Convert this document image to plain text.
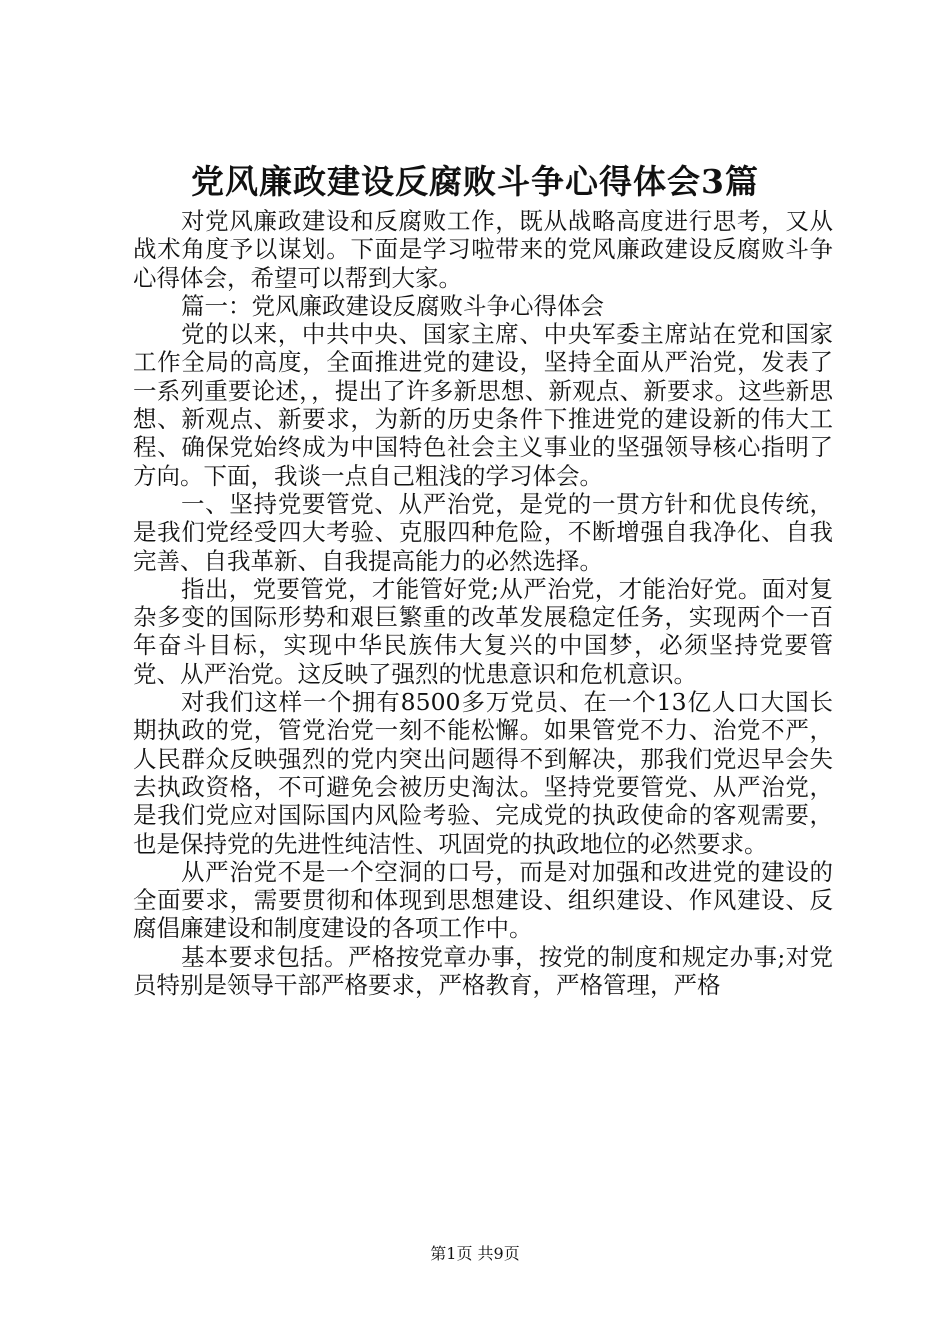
党风廉政建设反腐败斗争心得体会3篇

对党风廉政建设和反腐败工作，既从战略高度进行思考，又从战术角度予以谋划。下面是学习啦带来的党风廉政建设反腐败斗争心得体会，希望可以帮到大家。

篇一：党风廉政建设反腐败斗争心得体会

党的以来，中共中央、国家主席、中央军委主席站在党和国家工作全局的高度，全面推进党的建设，坚持全面从严治党，发表了一系列重要论述，，提出了许多新思想、新观点、新要求。这些新思想、新观点、新要求，为新的历史条件下推进党的建设新的伟大工程、确保党始终成为中国特色社会主义事业的坚强领导核心指明了方向。下面，我谈一点自己粗浅的学习体会。

一、坚持党要管党、从严治党，是党的一贯方针和优良传统，是我们党经受四大考验、克服四种危险，不断增强自我净化、自我完善、自我革新、自我提高能力的必然选择。

指出，党要管党，才能管好党;从严治党，才能治好党。面对复杂多变的国际形势和艰巨繁重的改革发展稳定任务，实现两个一百年奋斗目标，实现中华民族伟大复兴的中国梦，必须坚持党要管党、从严治党。这反映了强烈的忧患意识和危机意识。

对我们这样一个拥有8500多万党员、在一个13亿人口大国长期执政的党，管党治党一刻不能松懈。如果管党不力、治党不严，人民群众反映强烈的党内突出问题得不到解决，那我们党迟早会失去执政资格，不可避免会被历史淘汰。坚持党要管党、从严治党，是我们党应对国际国内风险考验、完成党的执政使命的客观需要，也是保持党的先进性纯洁性、巩固党的执政地位的必然要求。

从严治党不是一个空洞的口号，而是对加强和改进党的建设的全面要求，需要贯彻和体现到思想建设、组织建设、作风建设、反腐倡廉建设和制度建设的各项工作中。

基本要求包括。严格按党章办事，按党的制度和规定办事;对党员特别是领导干部严格要求，严格教育，严格管理，严格

第1页 共9页
